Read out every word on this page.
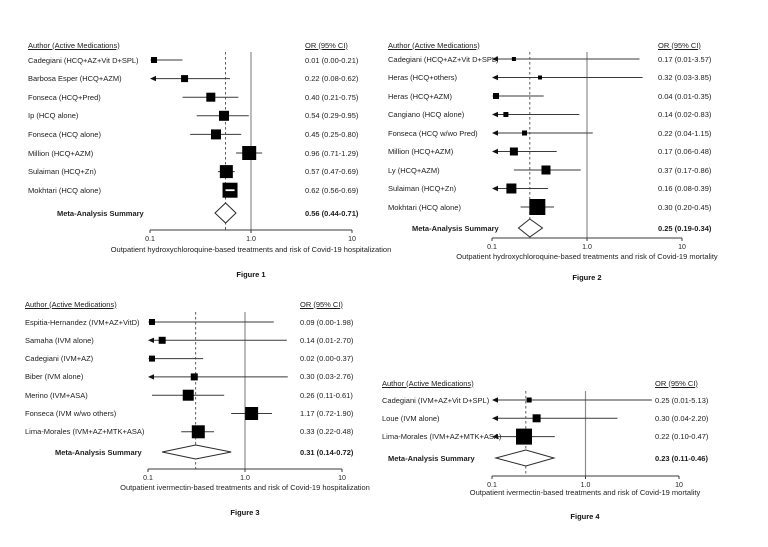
Author (Active Medications)	OR (95% CI)
Cadegiani (HCQ+AZ+Vit D+SPL)	0.01 (0.00-0.21)
Barbosa Esper (HCQ+AZM)	0.22 (0.08-0.62)
Fonseca (HCQ+Pred)	0.40 (0.21-0.75)
Ip (HCQ alone)	0.54 (0.29-0.95)
Fonseca (HCQ alone)	0.45 (0.25-0.80)
Million (HCQ+AZM)	0.96 (0.71-1.29)
Sulaiman (HCQ+Zn)	0.57 (0.47-0.69)
Mokhtari (HCQ alone)	0.62 (0.56-0.69)
Meta-Analysis Summary	0.56 (0.44-0.71)
0.1	1.0	10
Outpatient hydroxychloroquine-based treatments and risk of Covid-19 hospitalization
Figure 1
Author (Active Medications)	OR (95% CI)
Cadegiani (HCQ+AZ+Vit D+SPL)	0.17 (0.01-3.57)
Heras (HCQ+others)	0.32 (0.03-3.85)
Heras (HCQ+AZM)	0.04 (0.01-0.35)
Cangiano (HCQ alone)	0.14 (0.02-0.83)
Fonseca (HCQ w/wo Pred)	0.22 (0.04-1.15)
Million (HCQ+AZM)	0.17 (0.06-0.48)
Ly (HCQ+AZM)	0.37 (0.17-0.86)
Sulaiman (HCQ+Zn)	0.16 (0.08-0.39)
Mokhtari (HCQ alone)	0.30 (0.20-0.45)
Meta-Analysis Summary	0.25 (0.19-0.34)
0.1	1.0	10
Outpatient hydroxychloroquine-based treatments and risk of Covid-19 mortality
Figure 2
Author (Active Medications)	OR (95% CI)
Espitia-Hernandez (IVM+AZ+VitD)	0.09 (0.00-1.98)
Samaha (IVM alone)	0.14 (0.01-2.70)
Cadegiani (IVM+AZ)	0.02 (0.00-0.37)
Biber (IVM alone)	0.30 (0.03-2.76)
Merino (IVM+ASA)	0.26 (0.11-0.61)
Fonseca (IVM w/wo others)	1.17 (0.72-1.90)
Lima-Morales (IVM+AZ+MTK+ASA)	0.33 (0.22-0.48)
Meta-Analysis Summary	0.31 (0.14-0.72)
0.1	1.0	10
Outpatient ivermectin-based treatments and risk of Covid-19 hospitalization
Figure 3
Author (Active Medications)	OR (95% CI)
Cadegiani (IVM+AZ+Vit D+SPL)	0.25 (0.01-5.13)
Loue (IVM alone)	0.30 (0.04-2.20)
Lima-Morales (IVM+AZ+MTK+ASA)	0.22 (0.10-0.47)
Meta-Analysis Summary	0.23 (0.11-0.46)
0.1	1.0	10
Outpatient ivermectin-based treatments and risk of Covid-19 mortality
Figure 4
